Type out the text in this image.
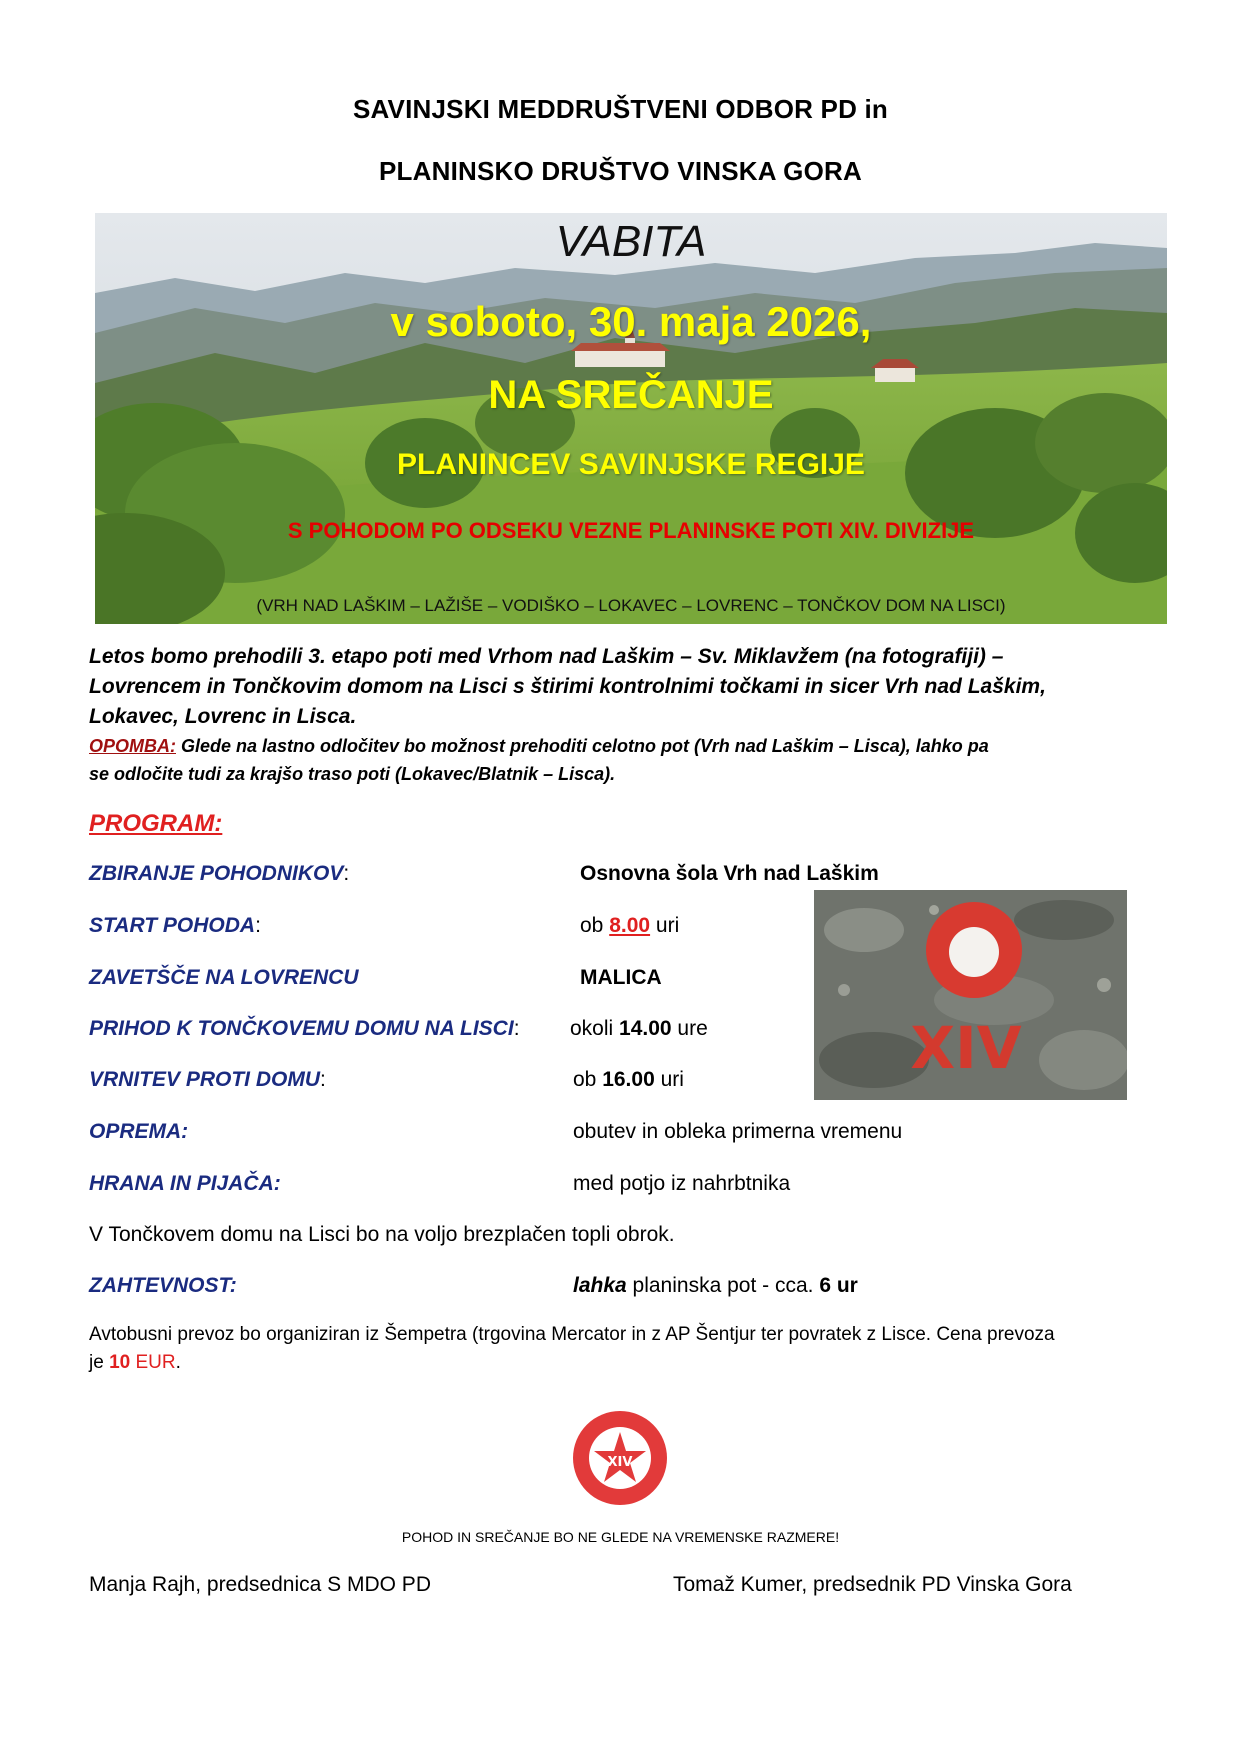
SAVINJSKI MEDDRUŠTVENI ODBOR PD in
PLANINSKO DRUŠTVO VINSKA GORA
VABITA
v soboto, 30. maja 2026,
NA SREČANJE
PLANINCEV SAVINJSKE REGIJE
S POHODOM PO ODSEKU VEZNE PLANINSKE POTI XIV. DIVIZIJE
(VRH NAD LAŠKIM – LAŽIŠE – VODIŠKO – LOKAVEC – LOVRENC – TONČKOV DOM NA LISCI)
Letos bomo prehodili 3. etapo poti med Vrhom nad Laškim – Sv. Miklavžem (na fotografiji) –
Lovrencem in Tončkovim domom na Lisci s štirimi kontrolnimi točkami in sicer Vrh nad Laškim,
Lokavec, Lovrenc in Lisca.
OPOMBA: Glede na lastno odločitev bo možnost prehoditi celotno pot (Vrh nad Laškim – Lisca), lahko pa
se odločite tudi za krajšo traso poti (Lokavec/Blatnik – Lisca).
PROGRAM:
ZBIRANJE POHODNIKOV:	Osnovna šola Vrh nad Laškim
START POHODA:	ob 8.00 uri
ZAVETŠČE NA LOVRENCU	MALICA
PRIHOD K TONČKOVEMU DOMU NA LISCI: okoli 14.00 ure
VRNITEV PROTI DOMU:	ob 16.00 uri
OPREMA:	obutev in obleka primerna vremenu
HRANA IN PIJAČA:	med potjo iz nahrbtnika
V Tončkovem domu na Lisci bo na voljo brezplačen topli obrok.
ZAHTEVNOST:	lahka planinska pot - cca. 6 ur
XIV
Avtobusni prevoz bo organiziran iz Šempetra (trgovina Mercator in z AP Šentjur ter povratek z Lisce. Cena prevoza
je 10 EUR.
XIV
POHOD IN SREČANJE BO NE GLEDE NA VREMENSKE RAZMERE!
Manja Rajh, predsednica S MDO PD	Tomaž Kumer, predsednik PD Vinska Gora
